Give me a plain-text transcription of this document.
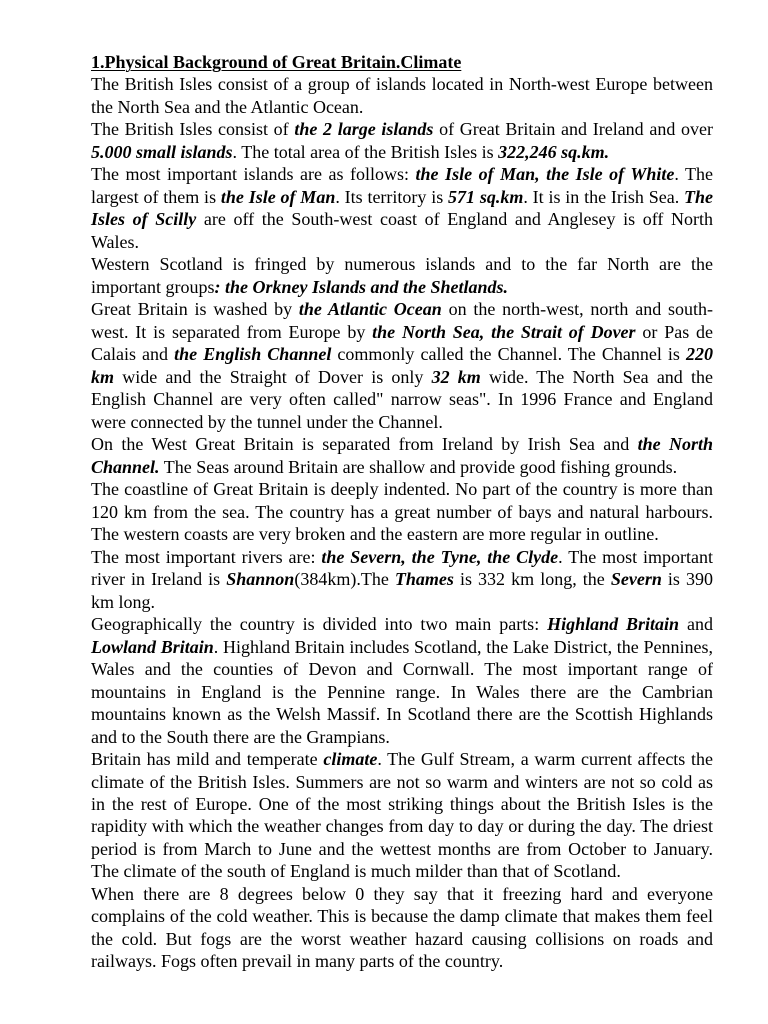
1.Physical Background of Great Britain.Climate

The British Isles consist of a group of islands located in North-west Europe between the North Sea and the Atlantic Ocean.

The British Isles consist of the 2 large islands of Great Britain and Ireland and over 5.000 small islands. The total area of the British Isles is 322,246 sq.km.

The most important islands are as follows: the Isle of Man, the Isle of White. The largest of them is the Isle of Man. Its territory is 571 sq.km. It is in the Irish Sea. The Isles of Scilly are off the South-west coast of England and Anglesey is off North Wales.

Western Scotland is fringed by numerous islands and to the far North are the important groups: the Orkney Islands and the Shetlands.

Great Britain is washed by the Atlantic Ocean on the north-west, north and south-west. It is separated from Europe by the North Sea, the Strait of Dover or Pas de Calais and the English Channel commonly called the Channel. The Channel is 220 km wide and the Straight of Dover is only 32 km wide. The North Sea and the English Channel are very often called" narrow seas". In 1996 France and England were connected by the tunnel under the Channel.

On the West Great Britain is separated from Ireland by Irish Sea and the North Channel. The Seas around Britain are shallow and provide good fishing grounds.

The coastline of Great Britain is deeply indented. No part of the country is more than 120 km from the sea. The country has a great number of bays and natural harbours. The western coasts are very broken and the eastern are more regular in outline.

The most important rivers are: the Severn, the Tyne, the Clyde. The most important river in Ireland is Shannon(384km).The Thames is 332 km long, the Severn is 390 km long.

Geographically the country is divided into two main parts: Highland Britain and Lowland Britain. Highland Britain includes Scotland, the Lake District, the Pennines, Wales and the counties of Devon and Cornwall. The most important range of mountains in England is the Pennine range. In Wales there are the Cambrian mountains known as the Welsh Massif. In Scotland there are the Scottish Highlands and to the South there are the Grampians.

Britain has mild and temperate climate. The Gulf Stream, a warm current affects the climate of the British Isles. Summers are not so warm and winters are not so cold as in the rest of Europe. One of the most striking things about the British Isles is the rapidity with which the weather changes from day to day or during the day. The driest period is from March to June and the wettest months are from October to January. The climate of the south of England is much milder than that of Scotland.

When there are 8 degrees below 0 they say that it freezing hard and everyone complains of the cold weather. This is because the damp climate that makes them feel the cold. But fogs are the worst weather hazard causing collisions on roads and railways. Fogs often prevail in many parts of the country.
